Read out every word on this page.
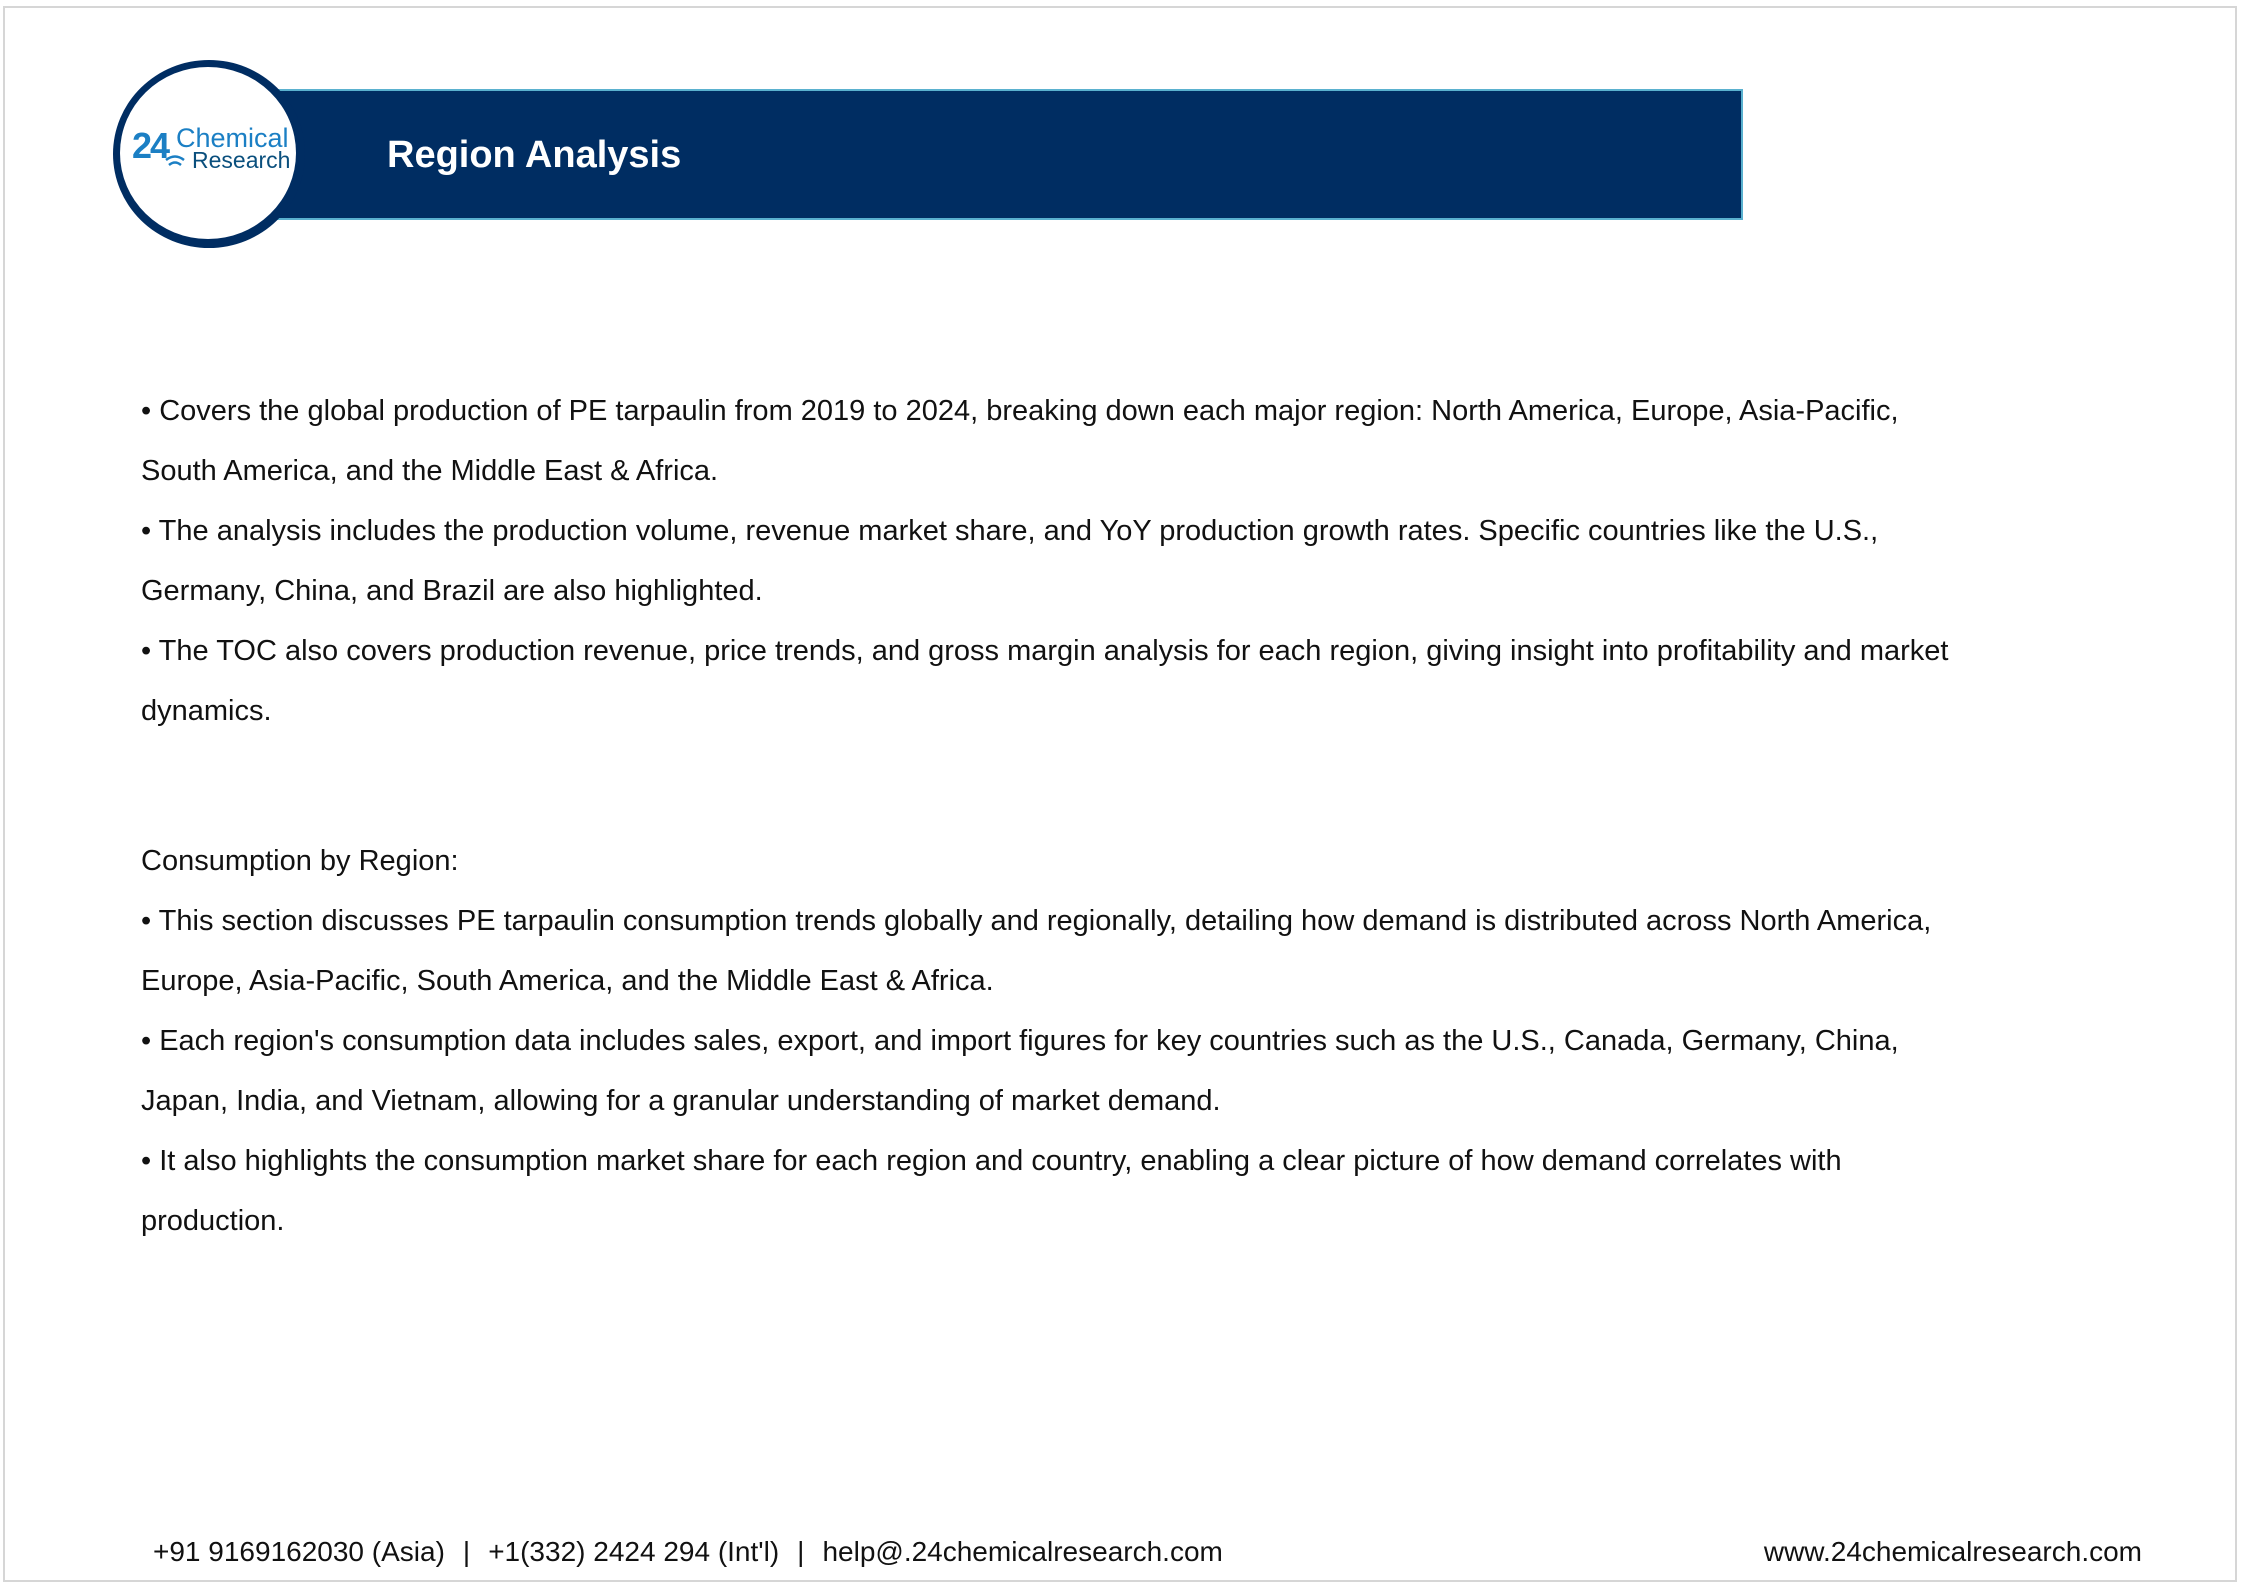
Region Analysis
24 Chemical
Research

• Covers the global production of PE tarpaulin from 2019 to 2024, breaking down each major region: North America, Europe, Asia-Pacific,
South America, and the Middle East & Africa.

• The analysis includes the production volume, revenue market share, and YoY production growth rates. Specific countries like the U.S.,
Germany, China, and Brazil are also highlighted.

• The TOC also covers production revenue, price trends, and gross margin analysis for each region, giving insight into profitability and market
dynamics.

Consumption by Region:

• This section discusses PE tarpaulin consumption trends globally and regionally, detailing how demand is distributed across North America,
Europe, Asia-Pacific, South America, and the Middle East & Africa.

• Each region's consumption data includes sales, export, and import figures for key countries such as the U.S., Canada, Germany, China,
Japan, India, and Vietnam, allowing for a granular understanding of market demand.

• It also highlights the consumption market share for each region and country, enabling a clear picture of how demand correlates with
production.

+91 9169162030 (Asia) | +1(332) 2424 294 (Int'l) | help@.24chemicalresearch.com	www.24chemicalresearch.com
